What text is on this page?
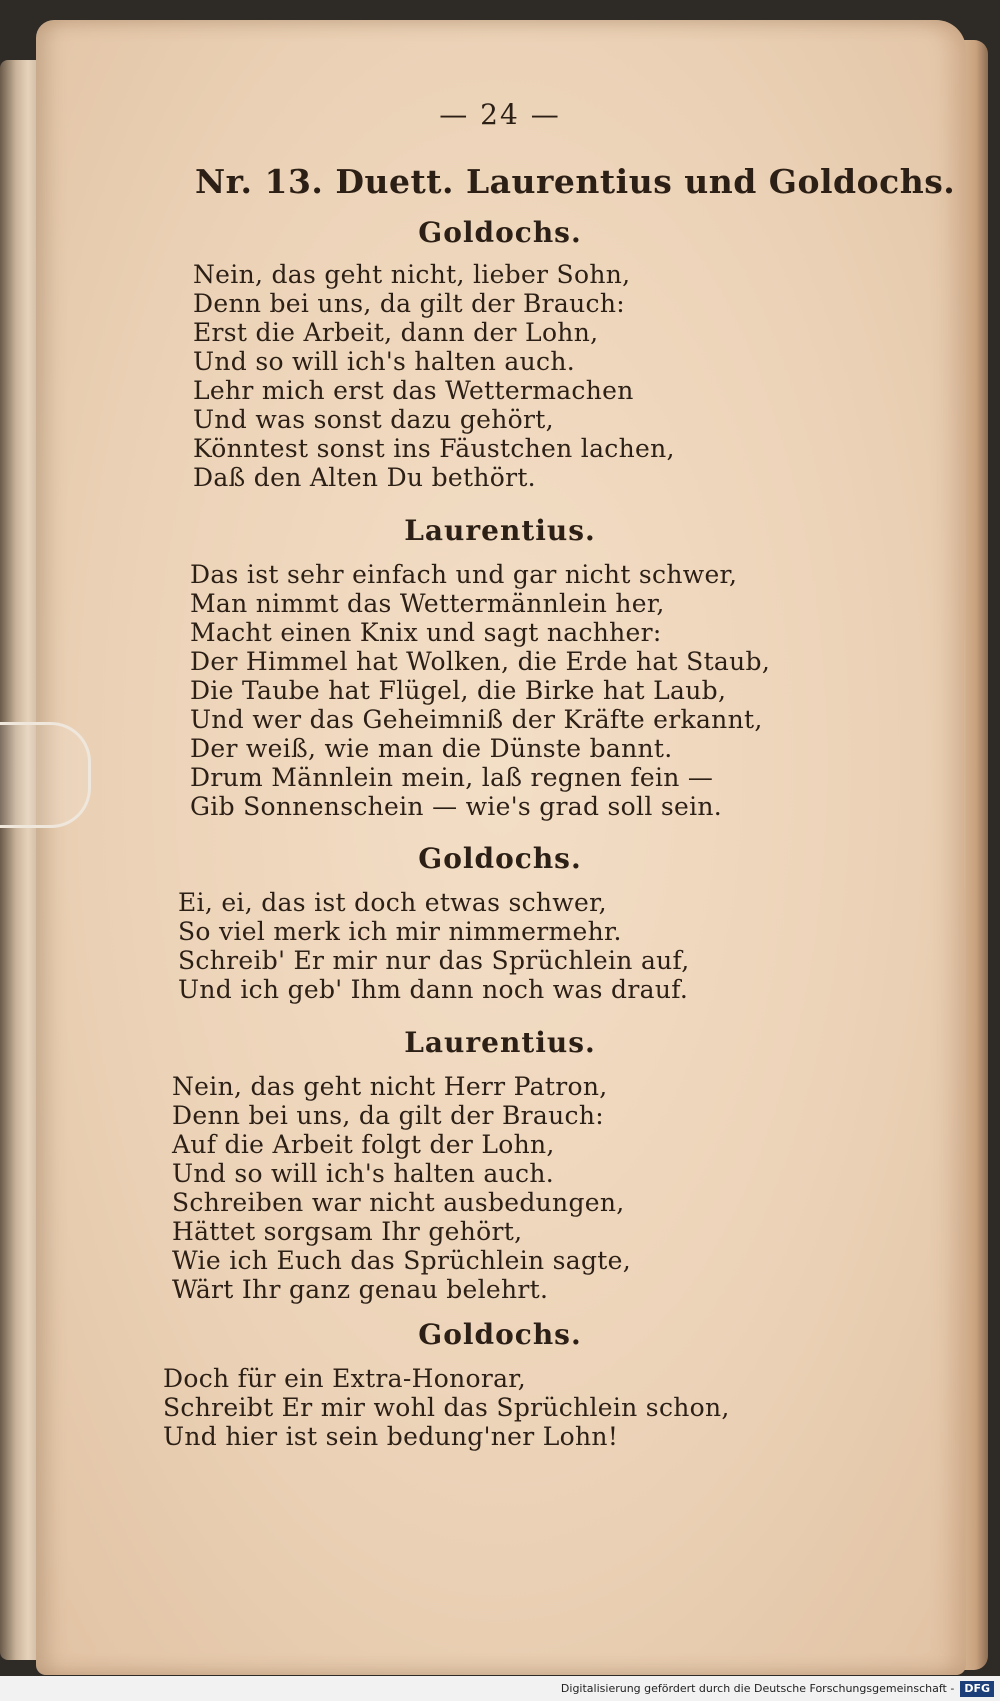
— 24 —
Nr. 13. Duett. Laurentius und Goldochs.
Goldochs.
Nein, das geht nicht, lieber Sohn,
Denn bei uns, da gilt der Brauch:
Erst die Arbeit, dann der Lohn,
Und so will ich's halten auch.
Lehr mich erst das Wettermachen
Und was sonst dazu gehört,
Könntest sonst ins Fäustchen lachen,
Daß den Alten Du bethört.
Laurentius.
Das ist sehr einfach und gar nicht schwer,
Man nimmt das Wettermännlein her,
Macht einen Knix und sagt nachher:
Der Himmel hat Wolken, die Erde hat Staub,
Die Taube hat Flügel, die Birke hat Laub,
Und wer das Geheimniß der Kräfte erkannt,
Der weiß, wie man die Dünste bannt.
Drum Männlein mein, laß regnen fein —
Gib Sonnenschein — wie's grad soll sein.
Goldochs.
Ei, ei, das ist doch etwas schwer,
So viel merk ich mir nimmermehr.
Schreib' Er mir nur das Sprüchlein auf,
Und ich geb' Ihm dann noch was drauf.
Laurentius.
Nein, das geht nicht Herr Patron,
Denn bei uns, da gilt der Brauch:
Auf die Arbeit folgt der Lohn,
Und so will ich's halten auch.
Schreiben war nicht ausbedungen,
Hättet sorgsam Ihr gehört,
Wie ich Euch das Sprüchlein sagte,
Wärt Ihr ganz genau belehrt.
Goldochs.
Doch für ein Extra-Honorar,
Schreibt Er mir wohl das Sprüchlein schon,
Und hier ist sein bedung'ner Lohn!
Digitalisierung gefördert durch die Deutsche Forschungsgemeinschaft - DFG
